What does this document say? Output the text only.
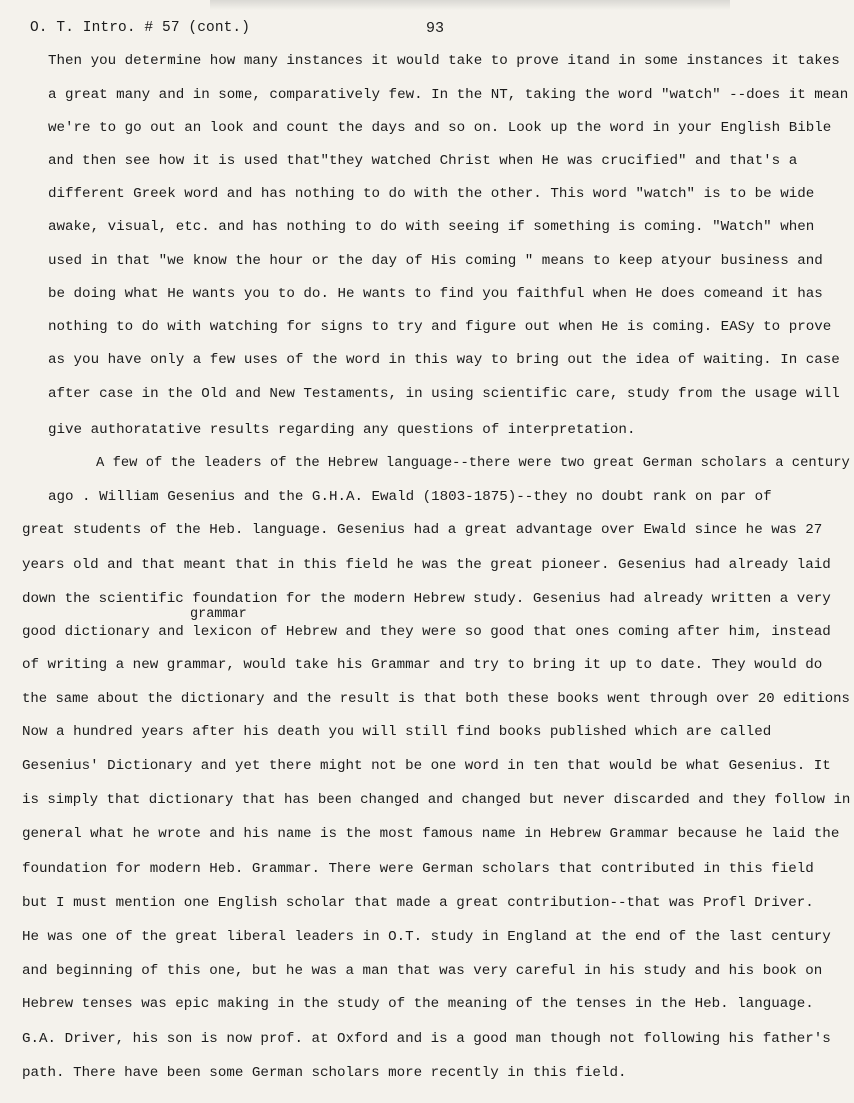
O. T. Intro. # 57 (cont.)	93
Then you determine how many instances it would take to prove itand in some instances it takes
a great many and in some, comparatively few. In the NT, taking the word "watch" --does it mean
we're to go out an look and count the days and so on. Look up the word in your English Bible
and then see how it is used that"they watched Christ when He was crucified" and that's a
different Greek word and has nothing to do with the other. This word "watch" is to be wide
awake, visual, etc. and has nothing to do with seeing if something is coming. "Watch" when
used in that "we know the hour or the day of His coming " means to keep atyour business and
be doing what He wants you to do. He wants to find you faithful when He does comeand it has
nothing to do with watching for signs to try and figure out when He is coming. EASy to prove
as you have only a few uses of the word in this way to bring out the idea of waiting. In case
after case in the Old and New Testaments, in using scientific care, study from the usage will
give authoratative results regarding any questions of interpretation.
A few of the leaders of the Hebrew language--there were two great German scholars a century
ago . William Gesenius and the G.H.A. Ewald (1803-1875)--they no doubt rank on par of
great students of the Heb. language. Gesenius had a great advantage over Ewald since he was 27
years old and that meant that in this field he was the great pioneer. Gesenius had already laid
down the scientific foundation for the modern Hebrew study. Gesenius had already written a very
grammar
good dictionary and lexicon of Hebrew and they were so good that ones coming after him, instead
of writing a new grammar, would take his Grammar and try to bring it up to date. They would do
the same about the dictionary and the result is that both these books went through over 20 editions
Now a hundred years after his death you will still find books published which are called
Gesenius' Dictionary and yet there might not be one word in ten that would be what Gesenius. It
is simply that dictionary that has been changed and changed but never discarded and they follow in
general what he wrote and his name is the most famous name in Hebrew Grammar because he laid the
foundation for modern Heb. Grammar. There were German scholars that contributed in this field
but I must mention one English scholar that made a great contribution--that was Profl Driver.
He was one of the great liberal leaders in O.T. study in England at the end of the last century
and beginning of this one, but he was a man that was very careful in his study and his book on
Hebrew tenses was epic making in the study of the meaning of the tenses in the Heb. language.
G.A. Driver, his son is now prof. at Oxford and is a good man though not following his father's
path. There have been some German scholars more recently in this field.
